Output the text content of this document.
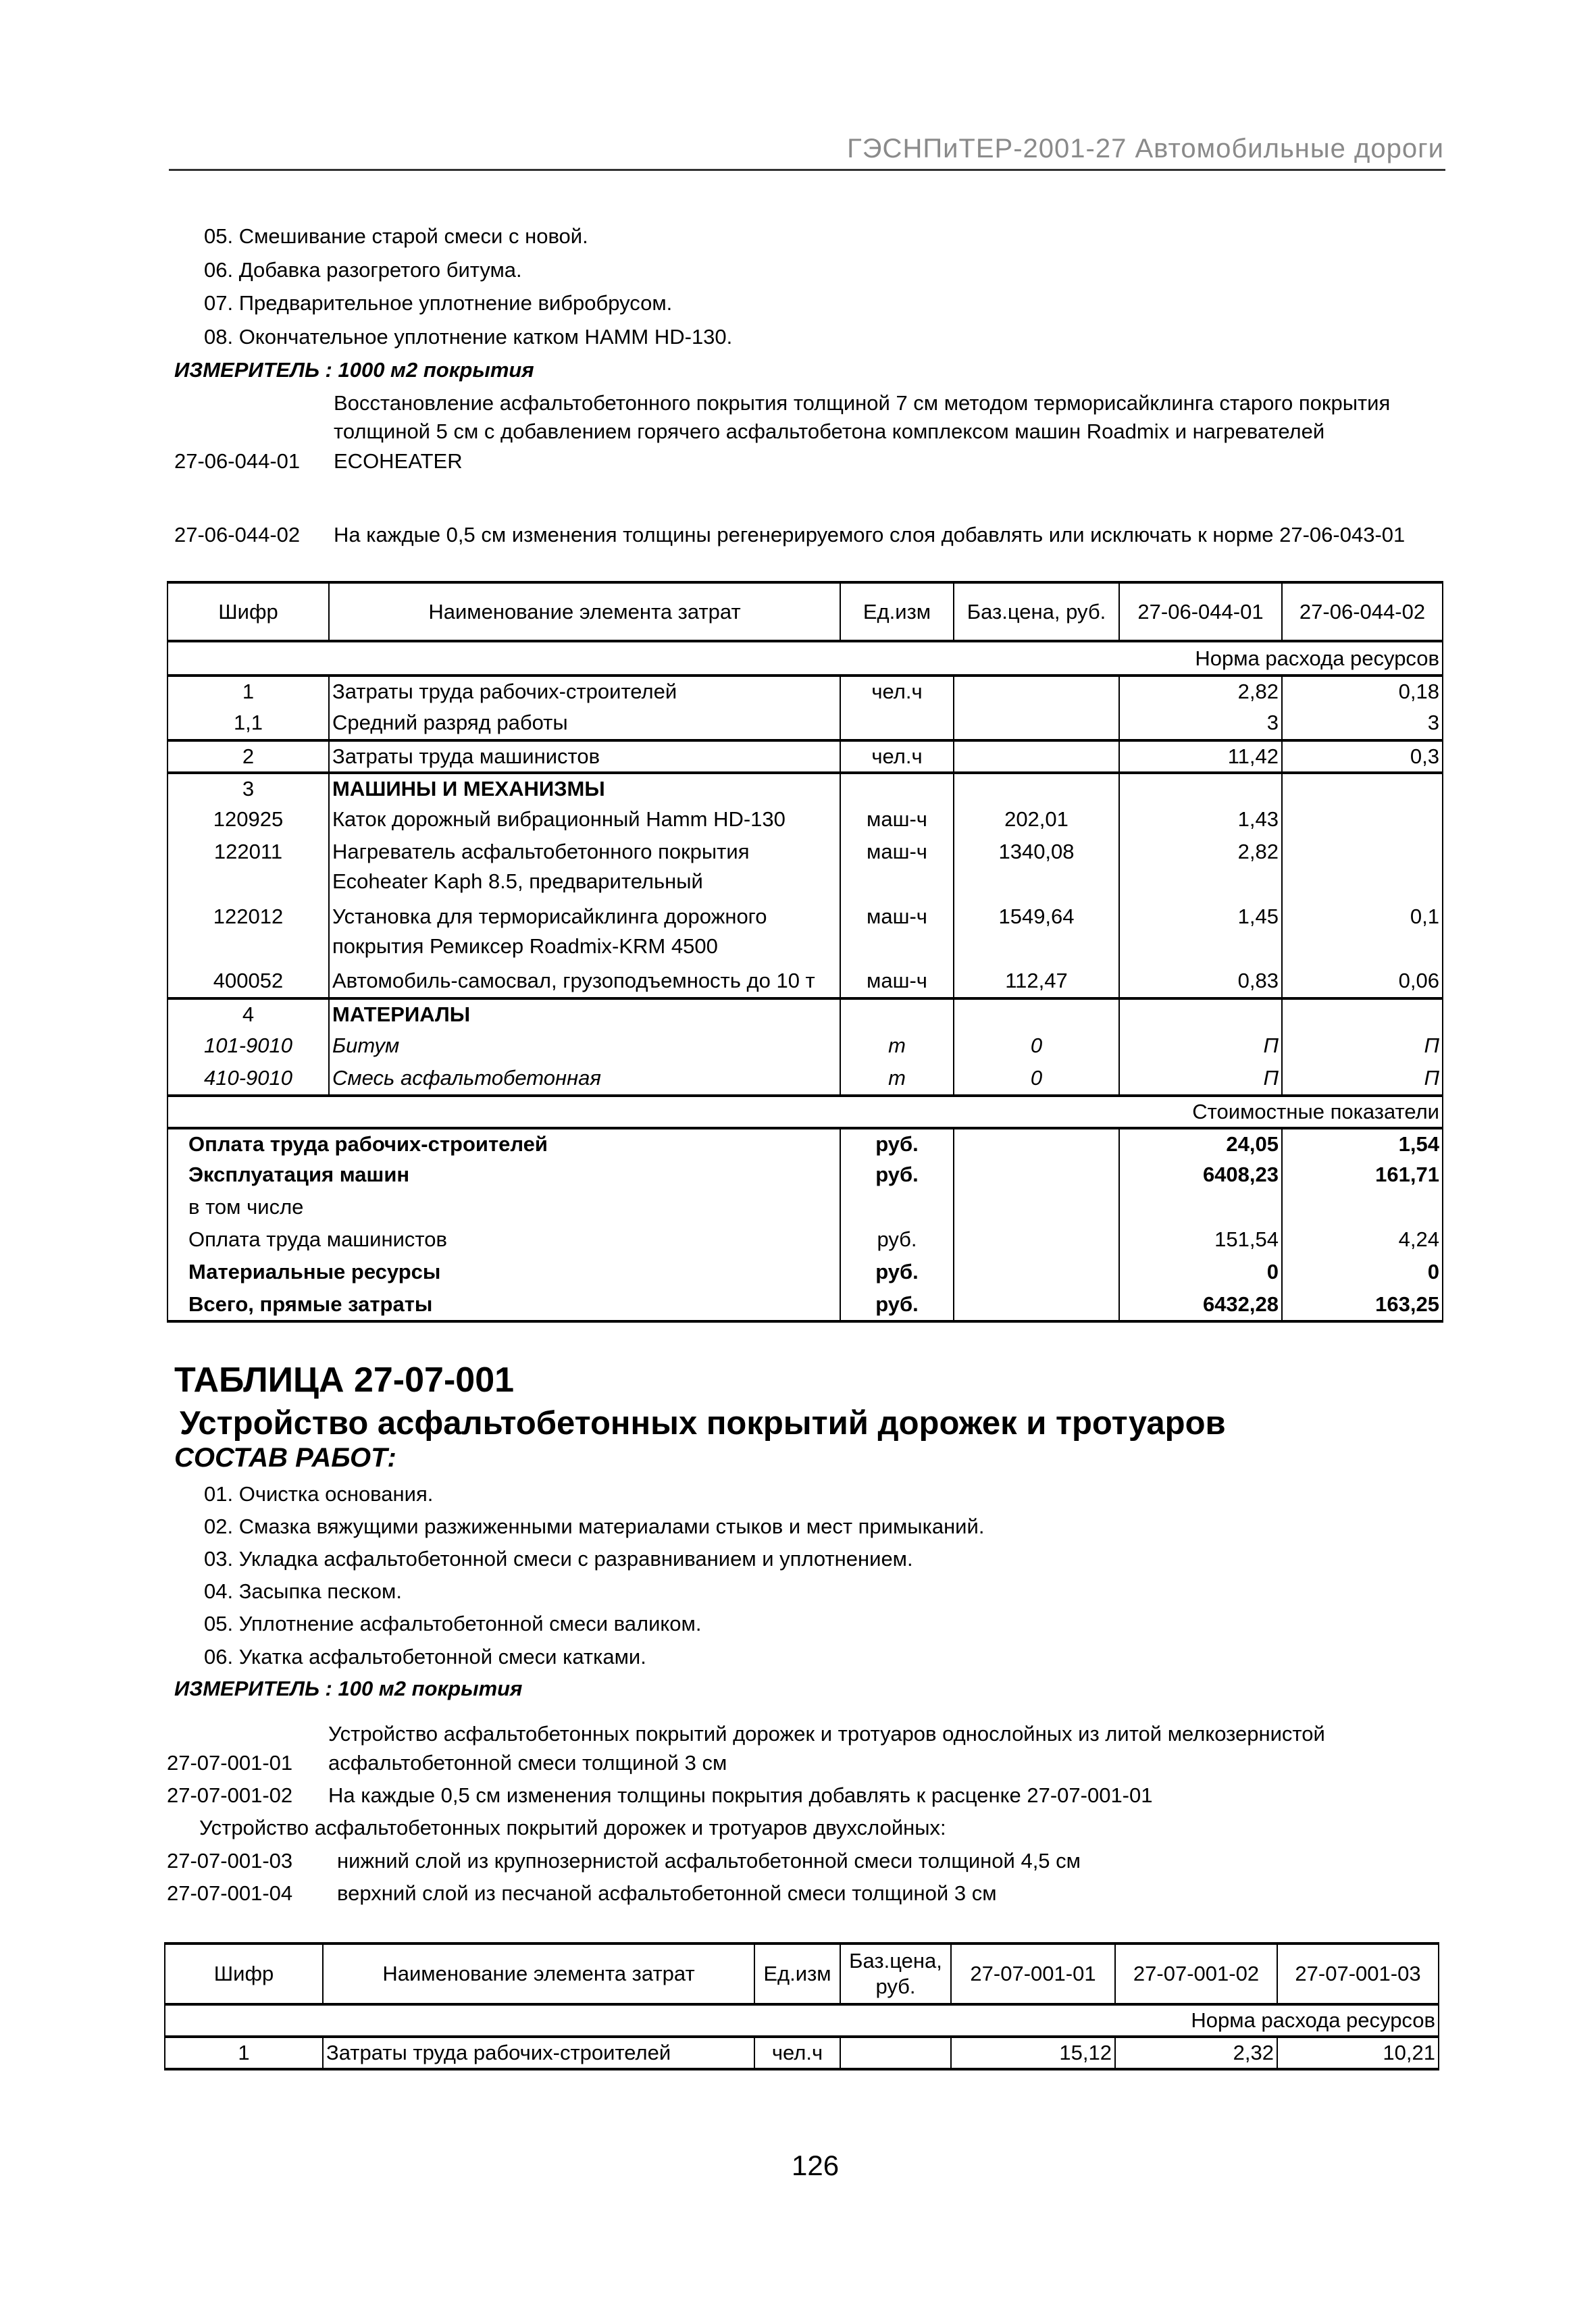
ГЭСНПиТЕР-2001-27 Автомобильные дороги
05. Смешивание старой смеси с новой.
06. Добавка разогретого битума.
07. Предварительное уплотнение вибробрусом.
08. Окончательное уплотнение катком HAMM HD-130.
ИЗМЕРИТЕЛЬ : 1000 м2 покрытия
Восстановление асфальтобетонного покрытия толщиной 7 см методом терморисайклинга старого покрытия
толщиной 5 см с добавлением горячего асфальтобетона комплексом машин Roadmix и нагревателей
27-06-044-01 ECOHEATER
27-06-044-02 На каждые 0,5 см изменения толщины регенерируемого слоя добавлять или исключать к норме 27-06-043-01
Шифр	Наименование элемента затрат	Ед.изм	Баз.цена, руб.	27-06-044-01	27-06-044-02
Норма расхода ресурсов					
1	Затраты труда рабочих-строителей	чел.ч		2,82	0,18
1,1	Средний разряд работы			3	3
2	Затраты труда машинистов	чел.ч		11,42	0,3
3	МАШИНЫ И МЕХАНИЗМЫ				

120925	Каток дорожный вибрационный Hamm HD-130	маш-ч	202,01	1,43	
122011	Нагреватель асфальтобетонного покрытия
Ecoheater Kaph 8.5, предварительный	маш-ч	1340,08	2,82	
122012	Установка для терморисайклинга дорожного
покрытия Ремиксер Roadmix-KRM 4500	маш-ч	1549,64	1,45	0,1
400052	Автомобиль-самосвал, грузоподъемность до 10 т	маш-ч	112,47	0,83	0,06
4	МАТЕРИАЛЫ				

101-9010	Битум	т	0	П	П
410-9010	Смесь асфальтобетонная	т	0	П	П
Стоимостные показатели					
Оплата труда рабочих-строителей		руб.		24,05	1,54
Эксплуатация машин		руб.		6408,23	161,71
в том числе					
Оплата труда машинистов		руб.		151,54	4,24
Материальные ресурсы		руб.		0	0
Всего, прямые затраты		руб.		6432,28	163,25
ТАБЛИЦА 27-07-001
Устройство асфальтобетонных покрытий дорожек и тротуаров
СОСТАВ РАБОТ:
01. Очистка основания.
02. Смазка вяжущими разжиженными материалами стыков и мест примыканий.
03. Укладка асфальтобетонной смеси с разравниванием и уплотнением.
04. Засыпка песком.
05. Уплотнение асфальтобетонной смеси валиком.
06. Укатка асфальтобетонной смеси катками.
ИЗМЕРИТЕЛЬ : 100 м2 покрытия
Устройство асфальтобетонных покрытий дорожек и тротуаров однослойных из литой мелкозернистой
27-07-001-01 асфальтобетонной смеси толщиной 3 см
27-07-001-02 На каждые 0,5 см изменения толщины покрытия добавлять к расценке 27-07-001-01
Устройство асфальтобетонных покрытий дорожек и тротуаров двухслойных:
27-07-001-03 нижний слой из крупнозернистой асфальтобетонной смеси толщиной 4,5 см
27-07-001-04 верхний слой из песчаной асфальтобетонной смеси толщиной 3 см
Шифр	Наименование элемента затрат	Ед.изм	Баз.цена, руб.	27-07-001-01	27-07-001-02	27-07-001-03
Норма расхода ресурсов						
1	Затраты труда рабочих-строителей	чел.ч		15,12	2,32	10,21
126
